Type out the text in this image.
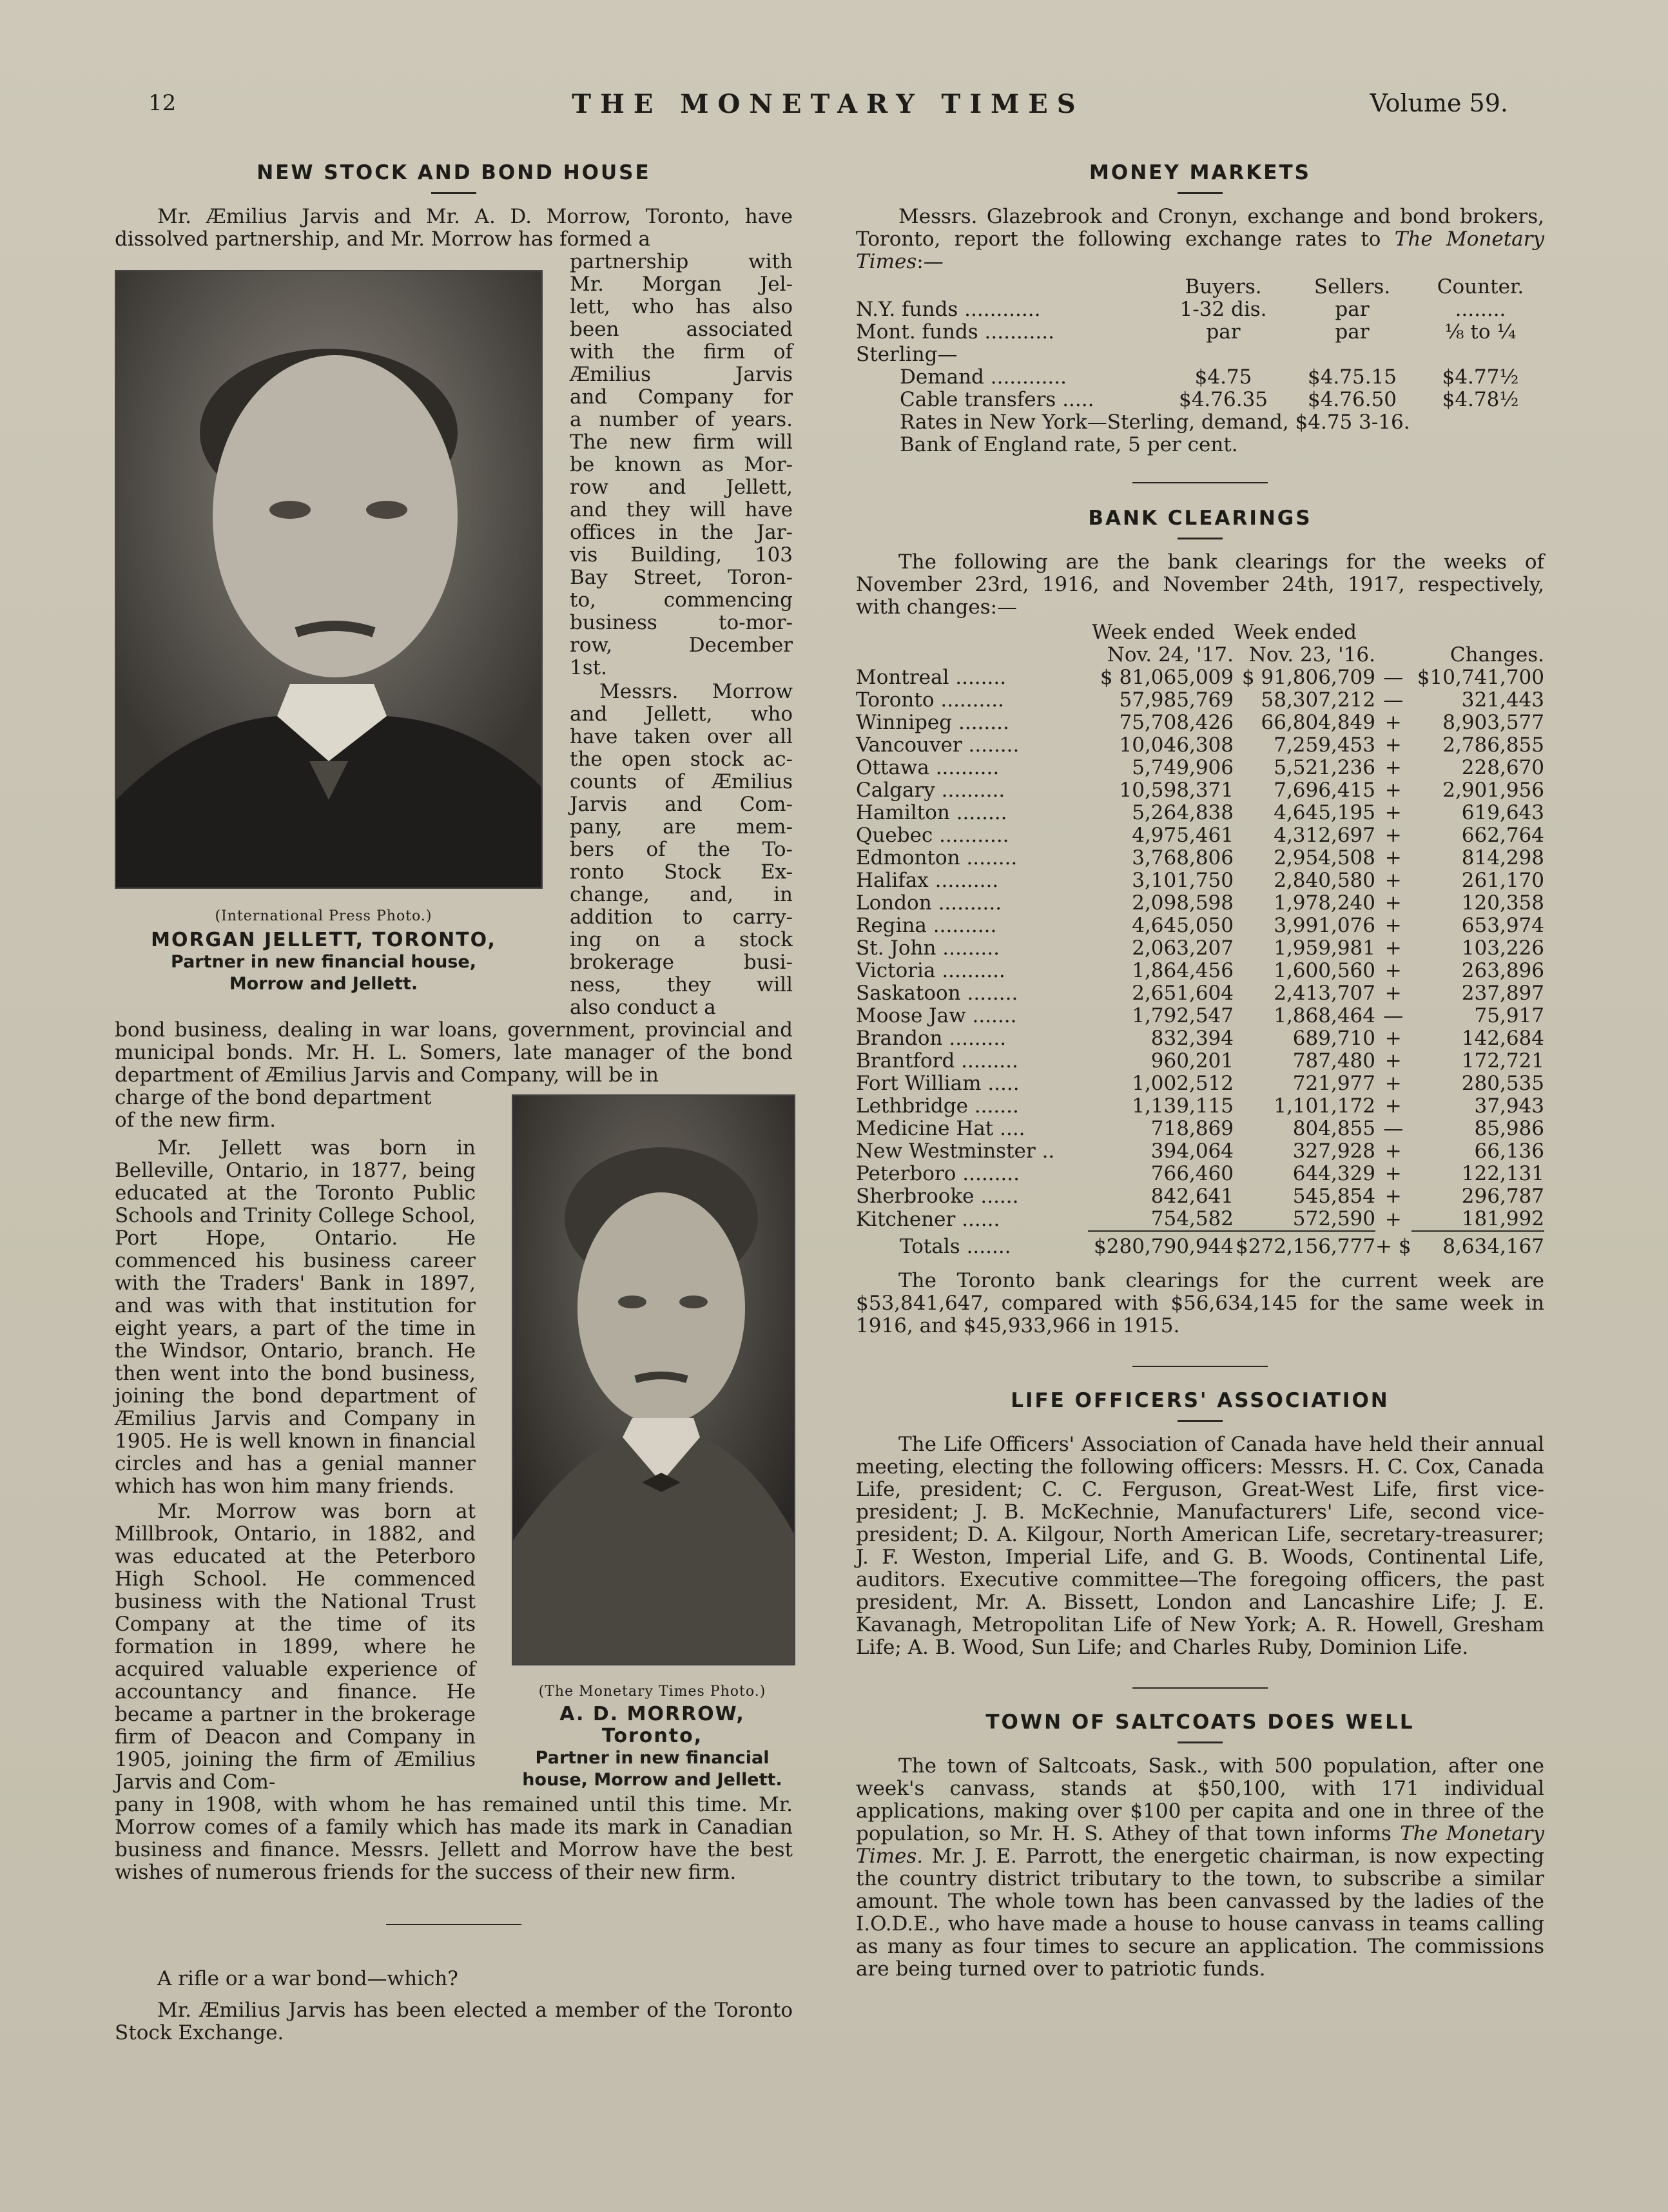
12	THE MONETARY TIMES	Volume 59.
NEW STOCK AND BOND HOUSE

Mr. Æmilius Jarvis and Mr. A. D. Morrow, Toronto, have dissolved partnership, and Mr. Morrow has formed a

(International Press Photo.)
MORGAN JELLETT, TORONTO,
Partner in new financial house, Morrow and Jellett.
partnership with
Mr. Morgan Jel-
lett, who has also
been associated
with the firm of
Æmilius Jarvis
and Company for
a number of years.
The new firm will
be known as Mor-
row and Jellett,
and they will have
offices in the Jar-
vis Building, 103
Bay Street, Toron-
to, commencing
business to-mor-
row, December
1st.
Messrs. Morrow
and Jellett, who
have taken over all
the open stock ac-
counts of Æmilius
Jarvis and Com-
pany, are mem-
bers of the To-
ronto Stock Ex-
change, and, in
addition to carry-
ing on a stock
brokerage busi-
ness, they will
also conduct a

bond business, dealing in war loans, government, provincial and municipal bonds. Mr. H. L. Somers, late manager of the bond department of Æmilius Jarvis and Company, will be in

charge of the bond department
of the new firm.

Mr. Jellett was born in Belleville, Ontario, in 1877, being educated at the Toronto Public Schools and Trinity College School, Port Hope, Ontario. He commenced his business career with the Traders' Bank in 1897, and was with that institution for eight years, a part of the time in the Windsor, Ontario, branch. He then went into the bond business, joining the bond department of Æmilius Jarvis and Company in 1905. He is well known in financial circles and has a genial manner which has won him many friends.

Mr. Morrow was born at Millbrook, Ontario, in 1882, and was educated at the Peterboro High School. He commenced business with the National Trust Company at the time of its formation in 1899, where he acquired valuable experience of accountancy and finance. He became a partner in the brokerage firm of Deacon and Company in 1905, joining the firm of Æmilius Jarvis and Com-

(The Monetary Times Photo.)
A. D. MORROW, Toronto,
Partner in new financial house, Morrow and Jellett.

pany in 1908, with whom he has remained until this time. Mr. Morrow comes of a family which has made its mark in Canadian business and finance. Messrs. Jellett and Morrow have the best wishes of numerous friends for the success of their new firm.

A rifle or a war bond—which?

Mr. Æmilius Jarvis has been elected a member of the Toronto Stock Exchange.

MONEY MARKETS

Messrs. Glazebrook and Cronyn, exchange and bond brokers, Toronto, report the following exchange rates to The Monetary Times:—

	Buyers.	Sellers.	Counter.
N.Y. funds ............	1-32 dis.	par	........
Mont. funds ...........	par	par	⅛ to ¼
Sterling—			
Demand ............	$4.75	$4.75.15	$4.77½
Cable transfers .....	$4.76.35	$4.76.50	$4.78½
Rates in New York—Sterling, demand, $4.75 3-16.
Bank of England rate, 5 per cent.
BANK CLEARINGS

The following are the bank clearings for the weeks of November 23rd, 1916, and November 24th, 1917, respectively, with changes:—

	Week ended	Week ended		
	Nov. 24, '17.	Nov. 23, '16.		Changes.
Montreal ........	$ 81,065,009	$ 91,806,709	—	$10,741,700
Toronto ..........	57,985,769	58,307,212	—	321,443
Winnipeg ........	75,708,426	66,804,849	+	8,903,577
Vancouver ........	10,046,308	7,259,453	+	2,786,855
Ottawa ..........	5,749,906	5,521,236	+	228,670
Calgary ..........	10,598,371	7,696,415	+	2,901,956
Hamilton ........	5,264,838	4,645,195	+	619,643
Quebec ...........	4,975,461	4,312,697	+	662,764
Edmonton ........	3,768,806	2,954,508	+	814,298
Halifax ..........	3,101,750	2,840,580	+	261,170
London ..........	2,098,598	1,978,240	+	120,358
Regina ..........	4,645,050	3,991,076	+	653,974
St. John .........	2,063,207	1,959,981	+	103,226
Victoria ..........	1,864,456	1,600,560	+	263,896
Saskatoon ........	2,651,604	2,413,707	+	237,897
Moose Jaw .......	1,792,547	1,868,464	—	75,917
Brandon .........	832,394	689,710	+	142,684
Brantford .........	960,201	787,480	+	172,721
Fort William .....	1,002,512	721,977	+	280,535
Lethbridge .......	1,139,115	1,101,172	+	37,943
Medicine Hat ....	718,869	804,855	—	85,986
New Westminster ..	394,064	327,928	+	66,136
Peterboro .........	766,460	644,329	+	122,131
Sherbrooke ......	842,641	545,854	+	296,787
Kitchener ......	754,582	572,590	+	181,992

Totals .......	$280,790,944	$272,156,777	+ $	8,634,167

The Toronto bank clearings for the current week are $53,841,647, compared with $56,634,145 for the same week in 1916, and $45,933,966 in 1915.

LIFE OFFICERS' ASSOCIATION

The Life Officers' Association of Canada have held their annual meeting, electing the following officers: Messrs. H. C. Cox, Canada Life, president; C. C. Ferguson, Great-West Life, first vice-president; J. B. McKechnie, Manufacturers' Life, second vice-president; D. A. Kilgour, North American Life, secretary-treasurer; J. F. Weston, Imperial Life, and G. B. Woods, Continental Life, auditors. Executive committee—The foregoing officers, the past president, Mr. A. Bissett, London and Lancashire Life; J. E. Kavanagh, Metropolitan Life of New York; A. R. Howell, Gresham Life; A. B. Wood, Sun Life; and Charles Ruby, Dominion Life.

TOWN OF SALTCOATS DOES WELL

The town of Saltcoats, Sask., with 500 population, after one week's canvass, stands at $50,100, with 171 individual applications, making over $100 per capita and one in three of the population, so Mr. H. S. Athey of that town informs The Monetary Times. Mr. J. E. Parrott, the energetic chairman, is now expecting the country district tributary to the town, to subscribe a similar amount. The whole town has been canvassed by the ladies of the I.O.D.E., who have made a house to house canvass in teams calling as many as four times to secure an application. The commissions are being turned over to patriotic funds.
